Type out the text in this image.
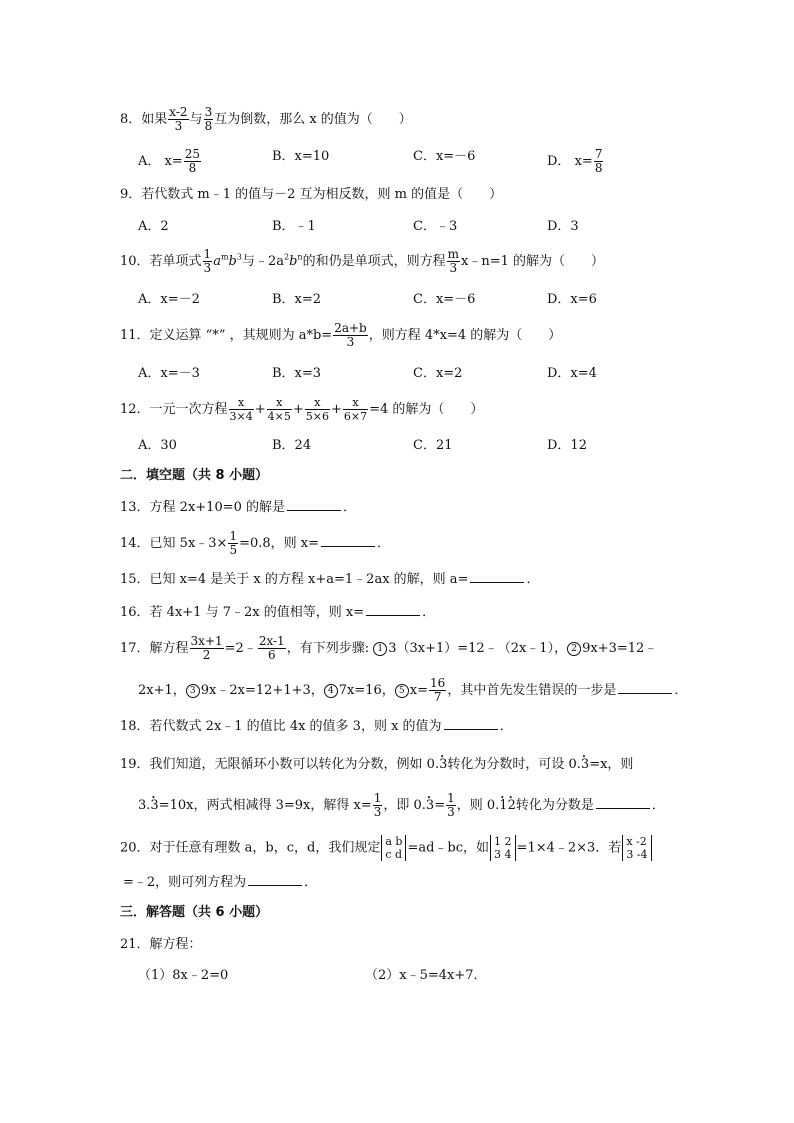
8．如果 $\frac{x-2}{3}$ 与 $\frac{3}{8}$ 互为倒数，那么 x 的值为（　　）
A． $x= \frac{25}{8}$	B．x=10	C．x=－6	D． $x= \frac{7}{8}$
9．若代数式 m﹣1 的值与－2 互为相反数，则 m 的值是（　　）
A．2	B．﹣1	C．﹣3	D．3
10．若单项式 $\frac{1}{3} a^mb^3$与$﹣2a^2b^n$的和仍是单项式，则方程 $\frac{m}{3}$ x﹣n=1 的解为（　　）
A．x=－2	B．x=2	C．x=－6	D．x=6
11．定义运算 “*” ，其规则为 $a*b= \frac{2a+b}{3}$ ，则方程 4*x=4 的解为（　　）
A．x=－3	B．x=3	C．x=2	D．x=4
12．一元一次方程 $\frac{x}{3\times 4} + \frac{x}{4\times 5} + \frac{x}{5\times 6} + \frac{x}{6\times 7} =4$ 的解为（　　）
A．30	B．24	C．21	D．12
二．填空题（共 8 小题）
13．方程 2x+10=0 的解是	．
14．已知 5x﹣3× $\frac{1}{5} =0.8$，则 x=	．
15．已知 x=4 是关于 x 的方程 x+a=1﹣2ax 的解，则 a=	．
16．若 4x+1 与 7﹣2x 的值相等，则 x=	．
17．解方程 $\frac{3x+1}{2}$ =2﹣ $\frac{2x-1}{6}$ ，有下列步骤: 1 3（3x+1）=12﹣（2x﹣1）， 2 9x+3=12﹣
2x+1， 3 9x﹣2x=12+1+3， 4 7x=16， 5 $x= \frac{16}{7}$ ，其中首先发生错误的一步是	．
18．若代数式 2x﹣1 的值比 4x 的值多 3，则 x 的值为	．
19．我们知道，无限循环小数可以转化为分数，例如 0.• 3转化为分数时，可设 0.• 3=x，则
3.• 3=10x，两式相减得 3=9x，解得 $x= \frac{1}{3}$ ，即 0.• $3= \frac{1}{3}$ ，则 0.• 1• 2转化为分数是	．
20．对于任意有理数 a，b，c，d，我们规定 a b
c d =ad﹣bc，如 1 2
3 4 =1×4﹣2×3．若 x -2
3 -4
=﹣2，则可列方程为	．
三．解答题（共 6 小题）
21．解方程：
（1）8x﹣2=0	（2）x﹣5=4x+7．
